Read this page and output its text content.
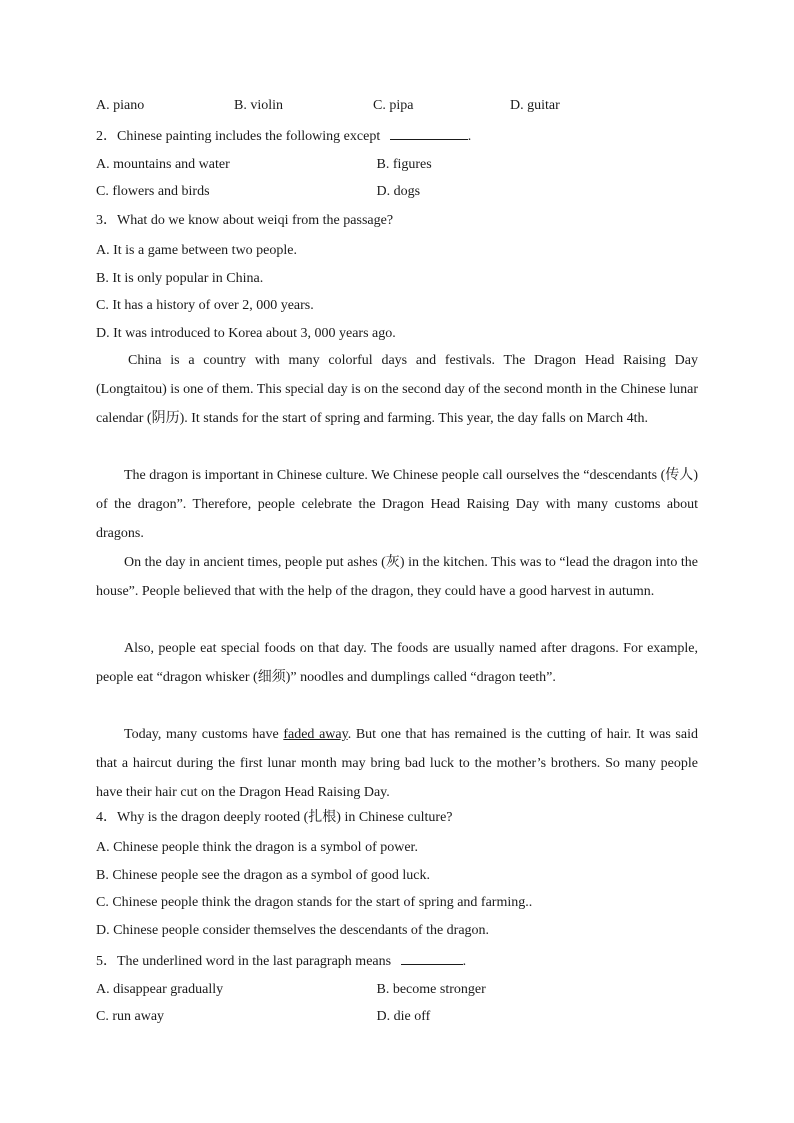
A. piano	B. violin	C. pipa	D. guitar
2．Chinese painting includes the following except	.
A. mountains and water	B. figures
C. flowers and birds	D. dogs
3．What do we know about weiqi from the passage?
A. It is a game between two people.
B. It is only popular in China.
C. It has a history of over 2, 000 years.
D. It was introduced to Korea about 3, 000 years ago.
China is a country with many colorful days and festivals. The Dragon Head Raising Day (Longtaitou) is one of them. This special day is on the second day of the second month in the Chinese lunar calendar (阴历). It stands for the start of spring and farming. This year, the day falls on March 4th.
The dragon is important in Chinese culture. We Chinese people call ourselves the “descendants (传人) of the dragon”. Therefore, people celebrate the Dragon Head Raising Day with many customs about dragons.
On the day in ancient times, people put ashes (灰) in the kitchen. This was to “lead the dragon into the house”. People believed that with the help of the dragon, they could have a good harvest in autumn.
Also, people eat special foods on that day. The foods are usually named after dragons. For example, people eat “dragon whisker (细须)” noodles and dumplings called “dragon teeth”.
Today, many customs have faded away. But one that has remained is the cutting of hair. It was said that a haircut during the first lunar month may bring bad luck to the mother’s brothers. So many people have their hair cut on the Dragon Head Raising Day.
4．Why is the dragon deeply rooted (扎根) in Chinese culture?
A. Chinese people think the dragon is a symbol of power.
B. Chinese people see the dragon as a symbol of good luck.
C. Chinese people think the dragon stands for the start of spring and farming..
D. Chinese people consider themselves the descendants of the dragon.
5．The underlined word in the last paragraph means	.
A. disappear gradually	B. become stronger
C. run away	D. die off
